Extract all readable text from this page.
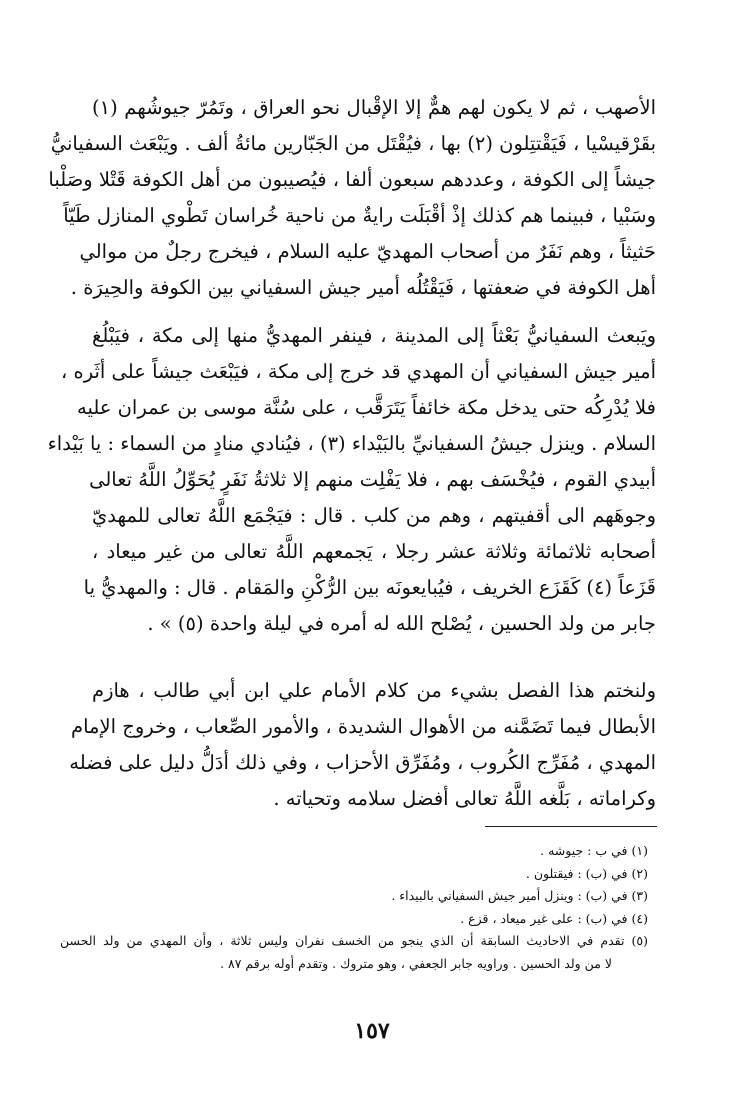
الأصهب ، ثم لا يكون لهم همٌّ إلا الإقْبال نحو العراق ، وتَمُرّ جيوشُهم (١)
بقَرْقيسْيا ، فَيَقْتتِلون (٢) بها ، فيُقْتَل من الجَبّارين مائةُ ألف . ويَبْعَث السفيانيُّ
جيشاً إلى الكوفة ، وعددهم سبعون ألفا ، فيُصيبون من أهل الكوفة قَتْلا وصَلْبا
وسَبْيا ، فبينما هم كذلك إذْ أقْبَلَت رايةٌ من ناحية خُراسان تَطْوي المنازل طَيّاً
حَثيثاً ، وهم نَفَرٌ من أصحاب المهديّ عليه السلام ، فيخرج رجلٌ من موالي
أهل الكوفة في ضعفتها ، فَيَقْتُلُه أمير جيش السفياني بين الكوفة والحِيرَة .
ويَبعث السفيانيُّ بَعْثاً إلى المدينة ، فينفر المهديُّ منها إلى مكة ، فيَبْلُغ
أمير جيش السفياني أن المهدي قد خرج إلى مكة ، فيَبْعَث جيشاً على أثَره ،
فلا يُدْرِكُه حتى يدخل مكة خائفاً يَتَرَقَّب ، على سُنَّة موسى بن عمران عليه
السلام . وينزل جيشُ السفيانيِّ بالبَيْداء (٣) ، فيُنادي منادٍ من السماء : يا بَيْداء
أبيدي القوم ، فيُخْسَف بهم ، فلا يَفْلِت منهم إلا ثلاثةُ نَفَرٍ يُحَوِّلُ اللَّهُ تعالى
وجوهَهم الى أقفيتهم ، وهم من كلب . قال : فيَجْمَع اللَّهُ تعالى للمهديّ
أصحابه ثلاثمائة وثلاثة عشر رجلا ، يَجمعهم اللَّهُ تعالى من غير ميعاد ،
قَزَعاً (٤) كَقَزَع الخريف ، فيُبايعونَه بين الرُّكْنِ والمَقام . قال : والمهديُّ يا
جابر من ولد الحسين ، يُصْلح الله له أمره في ليلة واحدة (٥) » .
ولنختم هذا الفصل بشيء من كلام الأمام علي ابن أبي طالب ، هازم
الأبطال فيما تَضَمَّنه من الأهوال الشديدة ، والأمور الصِّعاب ، وخروج الإمام
المهدي ، مُفَرِّج الكُروب ، ومُفَرِّق الأحزاب ، وفي ذلك أدَلُّ دليل على فضله
وكراماته ، بَلَّغه اللَّهُ تعالى أفضل سلامه وتحياته .
(١) في ب : جيوشه .
(٢) في (ب) : فيقتلون .
(٣) في (ب) : وينزل أمير جيش السفياني بالبيداء .
(٤) في (ب) : على غير ميعاد ، قزع .
(٥) تقدم في الاحاديث السابقة أن الذي ينجو من الخسف نفران وليس ثلاثة ، وأن المهدي من ولد الحسن
لا من ولد الحسين . وراويه جابر الجعفي ، وهو متروك . وتقدم أوله برقم ٨٧ .
١٥٧
